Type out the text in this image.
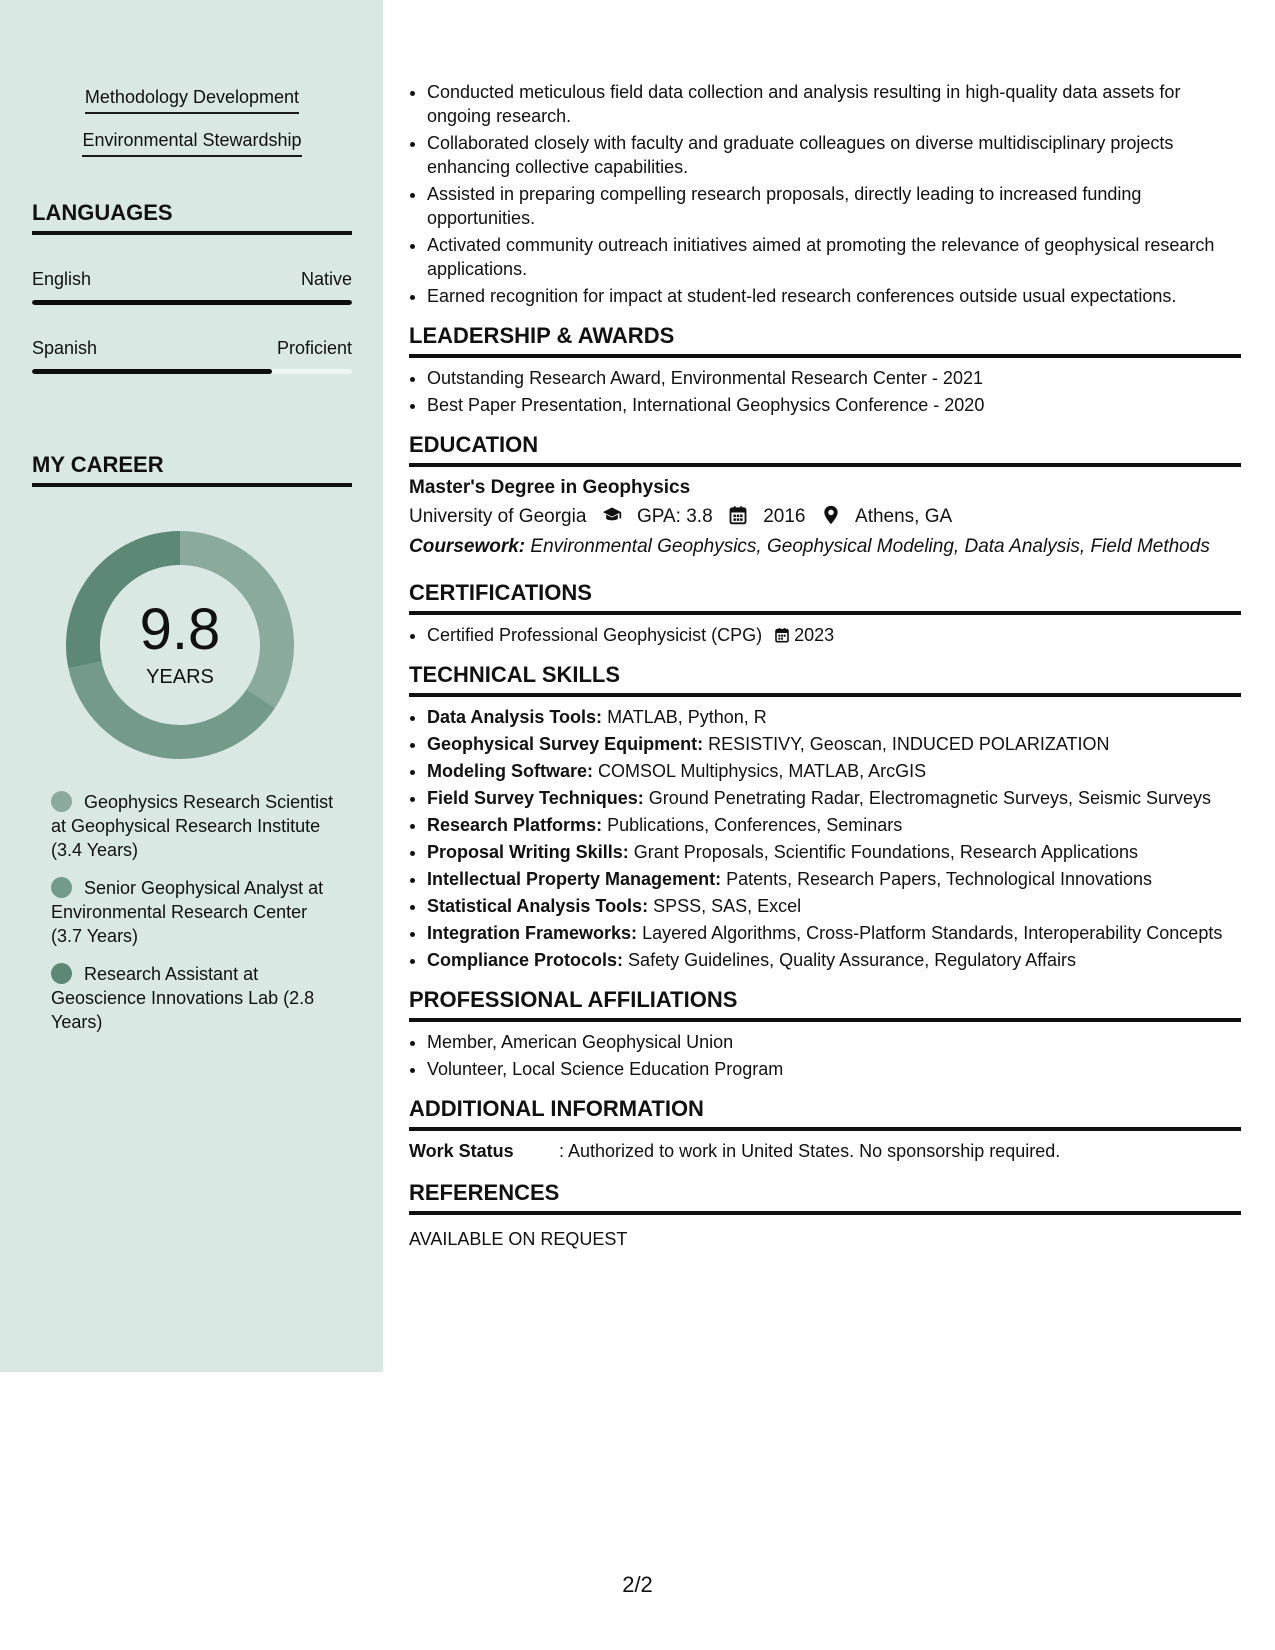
Methodology Development
Environmental Stewardship
LANGUAGES
English	Native
Spanish	Proficient
MY CAREER
9.8
YEARS
Geophysics Research Scientist at Geophysical Research Institute (3.4 Years)
Senior Geophysical Analyst at Environmental Research Center (3.7 Years)
Research Assistant at Geoscience Innovations Lab (2.8 Years)
• Conducted meticulous field data collection and analysis resulting in high-quality data assets for ongoing research.
• Collaborated closely with faculty and graduate colleagues on diverse multidisciplinary projects enhancing collective capabilities.
• Assisted in preparing compelling research proposals, directly leading to increased funding opportunities.
• Activated community outreach initiatives aimed at promoting the relevance of geophysical research applications.
• Earned recognition for impact at student-led research conferences outside usual expectations.
LEADERSHIP & AWARDS
• Outstanding Research Award, Environmental Research Center - 2021
• Best Paper Presentation, International Geophysics Conference - 2020
EDUCATION
Master's Degree in Geophysics
University of Georgia	GPA: 3.8	2016	Athens, GA
Coursework: Environmental Geophysics, Geophysical Modeling, Data Analysis, Field Methods
CERTIFICATIONS
• Certified Professional Geophysicist (CPG) 2023
TECHNICAL SKILLS
• Data Analysis Tools: MATLAB, Python, R
• Geophysical Survey Equipment: RESISTIVY, Geoscan, INDUCED POLARIZATION
• Modeling Software: COMSOL Multiphysics, MATLAB, ArcGIS
• Field Survey Techniques: Ground Penetrating Radar, Electromagnetic Surveys, Seismic Surveys
• Research Platforms: Publications, Conferences, Seminars
• Proposal Writing Skills: Grant Proposals, Scientific Foundations, Research Applications
• Intellectual Property Management: Patents, Research Papers, Technological Innovations
• Statistical Analysis Tools: SPSS, SAS, Excel
• Integration Frameworks: Layered Algorithms, Cross-Platform Standards, Interoperability Concepts
• Compliance Protocols: Safety Guidelines, Quality Assurance, Regulatory Affairs
PROFESSIONAL AFFILIATIONS
• Member, American Geophysical Union
• Volunteer, Local Science Education Program
ADDITIONAL INFORMATION
Work Status	: Authorized to work in United States. No sponsorship required.
REFERENCES
AVAILABLE ON REQUEST
2/2
